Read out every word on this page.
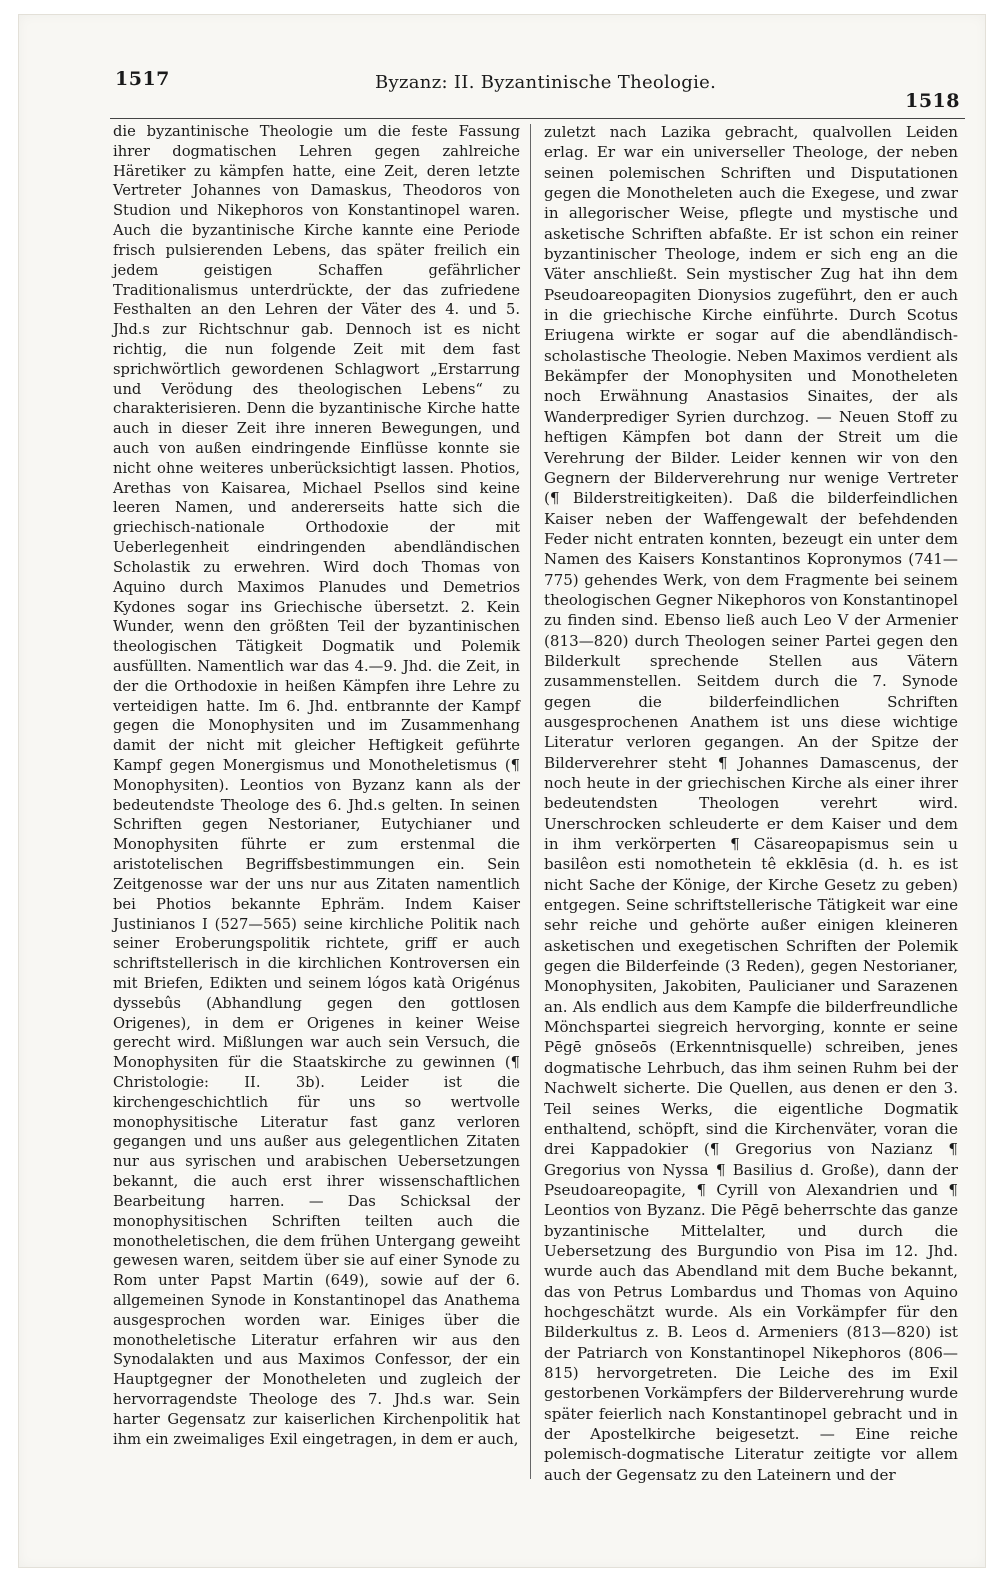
1517	Byzanz: II. Byzantinische Theologie.
1518

die byzantinische Theologie um die feste Fassung ihrer dogmatischen Lehren gegen zahlreiche Häretiker zu kämpfen hatte, eine Zeit, deren letzte Vertreter Johannes von Damaskus, Theodoros von Studion und Nikephoros von Konstantinopel waren. Auch die byzantinische Kirche kannte eine Periode frisch pulsierenden Lebens, das später freilich ein jedem geistigen Schaffen gefährlicher Traditionalismus unterdrückte, der das zufriedene Festhalten an den Lehren der Väter des 4. und 5. Jhd.s zur Richtschnur gab. Dennoch ist es nicht richtig, die nun folgende Zeit mit dem fast sprichwörtlich gewordenen Schlagwort „Erstarrung und Verödung des theologischen Lebens“ zu charakterisieren. Denn die byzantinische Kirche hatte auch in dieser Zeit ihre inneren Bewegungen, und auch von außen eindringende Einflüsse konnte sie nicht ohne weiteres unberücksichtigt lassen. Photios, Arethas von Kaisarea, Michael Psellos sind keine leeren Namen, und andererseits hatte sich die griechisch-nationale Orthodoxie der mit Ueberlegenheit eindringenden abendländischen Scholastik zu erwehren. Wird doch Thomas von Aquino durch Maximos Planudes und Demetrios Kydones sogar ins Griechische übersetzt. 2. Kein Wunder, wenn den größten Teil der byzantinischen theologischen Tätigkeit Dogmatik und Polemik ausfüllten. Namentlich war das 4.—9. Jhd. die Zeit, in der die Orthodoxie in heißen Kämpfen ihre Lehre zu verteidigen hatte. Im 6. Jhd. entbrannte der Kampf gegen die Monophysiten und im Zusammenhang damit der nicht mit gleicher Heftigkeit geführte Kampf gegen Monergismus und Monotheletismus (¶ Monophysiten). Leontios von Byzanz kann als der bedeutendste Theologe des 6. Jhd.s gelten. In seinen Schriften gegen Nestorianer, Eutychianer und Monophysiten führte er zum erstenmal die aristotelischen Begriffsbestimmungen ein. Sein Zeitgenosse war der uns nur aus Zitaten namentlich bei Photios bekannte Ephräm. Indem Kaiser Justinianos I (527—565) seine kirchliche Politik nach seiner Eroberungspolitik richtete, griff er auch schriftstellerisch in die kirchlichen Kontroversen ein mit Briefen, Edikten und seinem lógos katà Origénus dyssebûs (Abhandlung gegen den gottlosen Origenes), in dem er Origenes in keiner Weise gerecht wird. Mißlungen war auch sein Versuch, die Monophysiten für die Staatskirche zu gewinnen (¶ Christologie: II. 3b). Leider ist die kirchengeschichtlich für uns so wertvolle monophysitische Literatur fast ganz verloren gegangen und uns außer aus gelegentlichen Zitaten nur aus syrischen und arabischen Uebersetzungen bekannt, die auch erst ihrer wissenschaftlichen Bearbeitung harren. — Das Schicksal der monophysitischen Schriften teilten auch die monotheletischen, die dem frühen Untergang geweiht gewesen waren, seitdem über sie auf einer Synode zu Rom unter Papst Martin (649), sowie auf der 6. allgemeinen Synode in Konstantinopel das Anathema ausgesprochen worden war. Einiges über die monotheletische Literatur erfahren wir aus den Synodalakten und aus Maximos Confessor, der ein Hauptgegner der Monotheleten und zugleich der hervorragendste Theologe des 7. Jhd.s war. Sein harter Gegensatz zur kaiserlichen Kirchenpolitik hat ihm ein zweimaliges Exil eingetragen, in dem er auch,

zuletzt nach Lazika gebracht, qualvollen Leiden erlag. Er war ein universeller Theologe, der neben seinen polemischen Schriften und Disputationen gegen die Monotheleten auch die Exegese, und zwar in allegorischer Weise, pflegte und mystische und asketische Schriften abfaßte. Er ist schon ein reiner byzantinischer Theologe, indem er sich eng an die Väter anschließt. Sein mystischer Zug hat ihn dem Pseudoareopagiten Dionysios zugeführt, den er auch in die griechische Kirche einführte. Durch Scotus Eriugena wirkte er sogar auf die abendländisch-scholastische Theologie. Neben Maximos verdient als Bekämpfer der Monophysiten und Monotheleten noch Erwähnung Anastasios Sinaites, der als Wanderprediger Syrien durchzog. — Neuen Stoff zu heftigen Kämpfen bot dann der Streit um die Verehrung der Bilder. Leider kennen wir von den Gegnern der Bilderverehrung nur wenige Vertreter (¶ Bilderstreitigkeiten). Daß die bilderfeindlichen Kaiser neben der Waffengewalt der befehdenden Feder nicht entraten konnten, bezeugt ein unter dem Namen des Kaisers Konstantinos Kopronymos (741—775) gehendes Werk, von dem Fragmente bei seinem theologischen Gegner Nikephoros von Konstantinopel zu finden sind. Ebenso ließ auch Leo V der Armenier (813—820) durch Theologen seiner Partei gegen den Bilderkult sprechende Stellen aus Vätern zusammenstellen. Seitdem durch die 7. Synode gegen die bilderfeindlichen Schriften ausgesprochenen Anathem ist uns diese wichtige Literatur verloren gegangen. An der Spitze der Bilderverehrer steht ¶ Johannes Damascenus, der noch heute in der griechischen Kirche als einer ihrer bedeutendsten Theologen verehrt wird. Unerschrocken schleuderte er dem Kaiser und dem in ihm verkörperten ¶ Cäsareopapismus sein u basilêon esti nomothetein tê ekklēsia (d. h. es ist nicht Sache der Könige, der Kirche Gesetz zu geben) entgegen. Seine schriftstellerische Tätigkeit war eine sehr reiche und gehörte außer einigen kleineren asketischen und exegetischen Schriften der Polemik gegen die Bilderfeinde (3 Reden), gegen Nestorianer, Monophysiten, Jakobiten, Paulicianer und Sarazenen an. Als endlich aus dem Kampfe die bilderfreundliche Mönchspartei siegreich hervorging, konnte er seine Pēgē gnōseōs (Erkenntnisquelle) schreiben, jenes dogmatische Lehrbuch, das ihm seinen Ruhm bei der Nachwelt sicherte. Die Quellen, aus denen er den 3. Teil seines Werks, die eigentliche Dogmatik enthaltend, schöpft, sind die Kirchenväter, voran die drei Kappadokier (¶ Gregorius von Nazianz ¶ Gregorius von Nyssa ¶ Basilius d. Große), dann der Pseudoareopagite, ¶ Cyrill von Alexandrien und ¶ Leontios von Byzanz. Die Pēgē beherrschte das ganze byzantinische Mittelalter, und durch die Uebersetzung des Burgundio von Pisa im 12. Jhd. wurde auch das Abendland mit dem Buche bekannt, das von Petrus Lombardus und Thomas von Aquino hochgeschätzt wurde. Als ein Vorkämpfer für den Bilderkultus z. B. Leos d. Armeniers (813—820) ist der Patriarch von Konstantinopel Nikephoros (806—815) hervorgetreten. Die Leiche des im Exil gestorbenen Vorkämpfers der Bilderverehrung wurde später feierlich nach Konstantinopel gebracht und in der Apostelkirche beigesetzt. — Eine reiche polemisch-dogmatische Literatur zeitigte vor allem auch der Gegensatz zu den Lateinern und der
